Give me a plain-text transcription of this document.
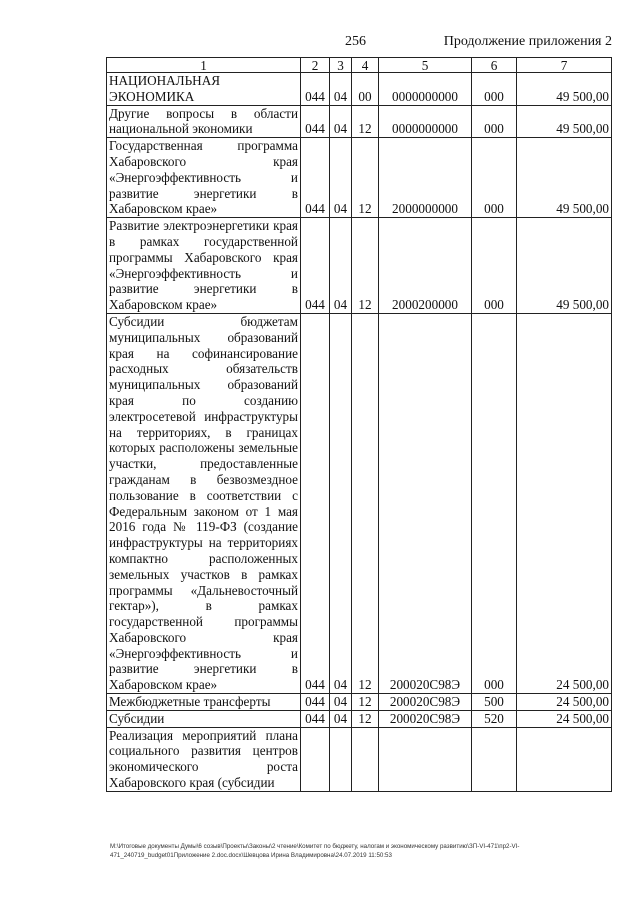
256	Продолжение приложения 2
1	2	3	4	5	6	7
НАЦИОНАЛЬНАЯ ЭКОНОМИКА	044	04	00	0000000000	000	49 500,00
Другие вопросы в области национальной экономики	044	04	12	0000000000	000	49 500,00
Государственная программа Хабаровского края «Энергоэффективность и развитие энергетики в Хабаровском крае»	044	04	12	2000000000	000	49 500,00
Развитие электроэнергетики края в рамках государственной программы Хабаровского края «Энергоэффективность и развитие энергетики в Хабаровском крае»	044	04	12	2000200000	000	49 500,00
Субсидии бюджетам муниципальных образований края на софинансирование расходных обязательств муниципальных образований края по созданию электросетевой инфраструктуры на территориях, в границах которых расположены земельные участки, предоставленные гражданам в безвозмездное пользование в соответствии с Федеральным законом от 1 мая 2016 года № 119-ФЗ (создание инфраструктуры на территориях компактно расположенных земельных участков в рамках программы «Дальневосточный гектар»), в рамках государственной программы Хабаровского края «Энергоэффективность и развитие энергетики в Хабаровском крае»	044	04	12	200020С98Э	000	24 500,00
Межбюджетные трансферты	044	04	12	200020С98Э	500	24 500,00
Субсидии	044	04	12	200020С98Э	520	24 500,00
Реализация мероприятий плана социального развития центров экономического роста Хабаровского края (субсидии						
M:\Итоговые документы Думы\6 созыв\Проекты\Законы\2 чтение\Комитет по бюджету, налогам и экономическому развитию\ЗП-VI-471\пр2-VI-471_240719_budget01Приложение 2.doc.docx\Шевцова Ирина Владимировна\24.07.2019 11:50:53
